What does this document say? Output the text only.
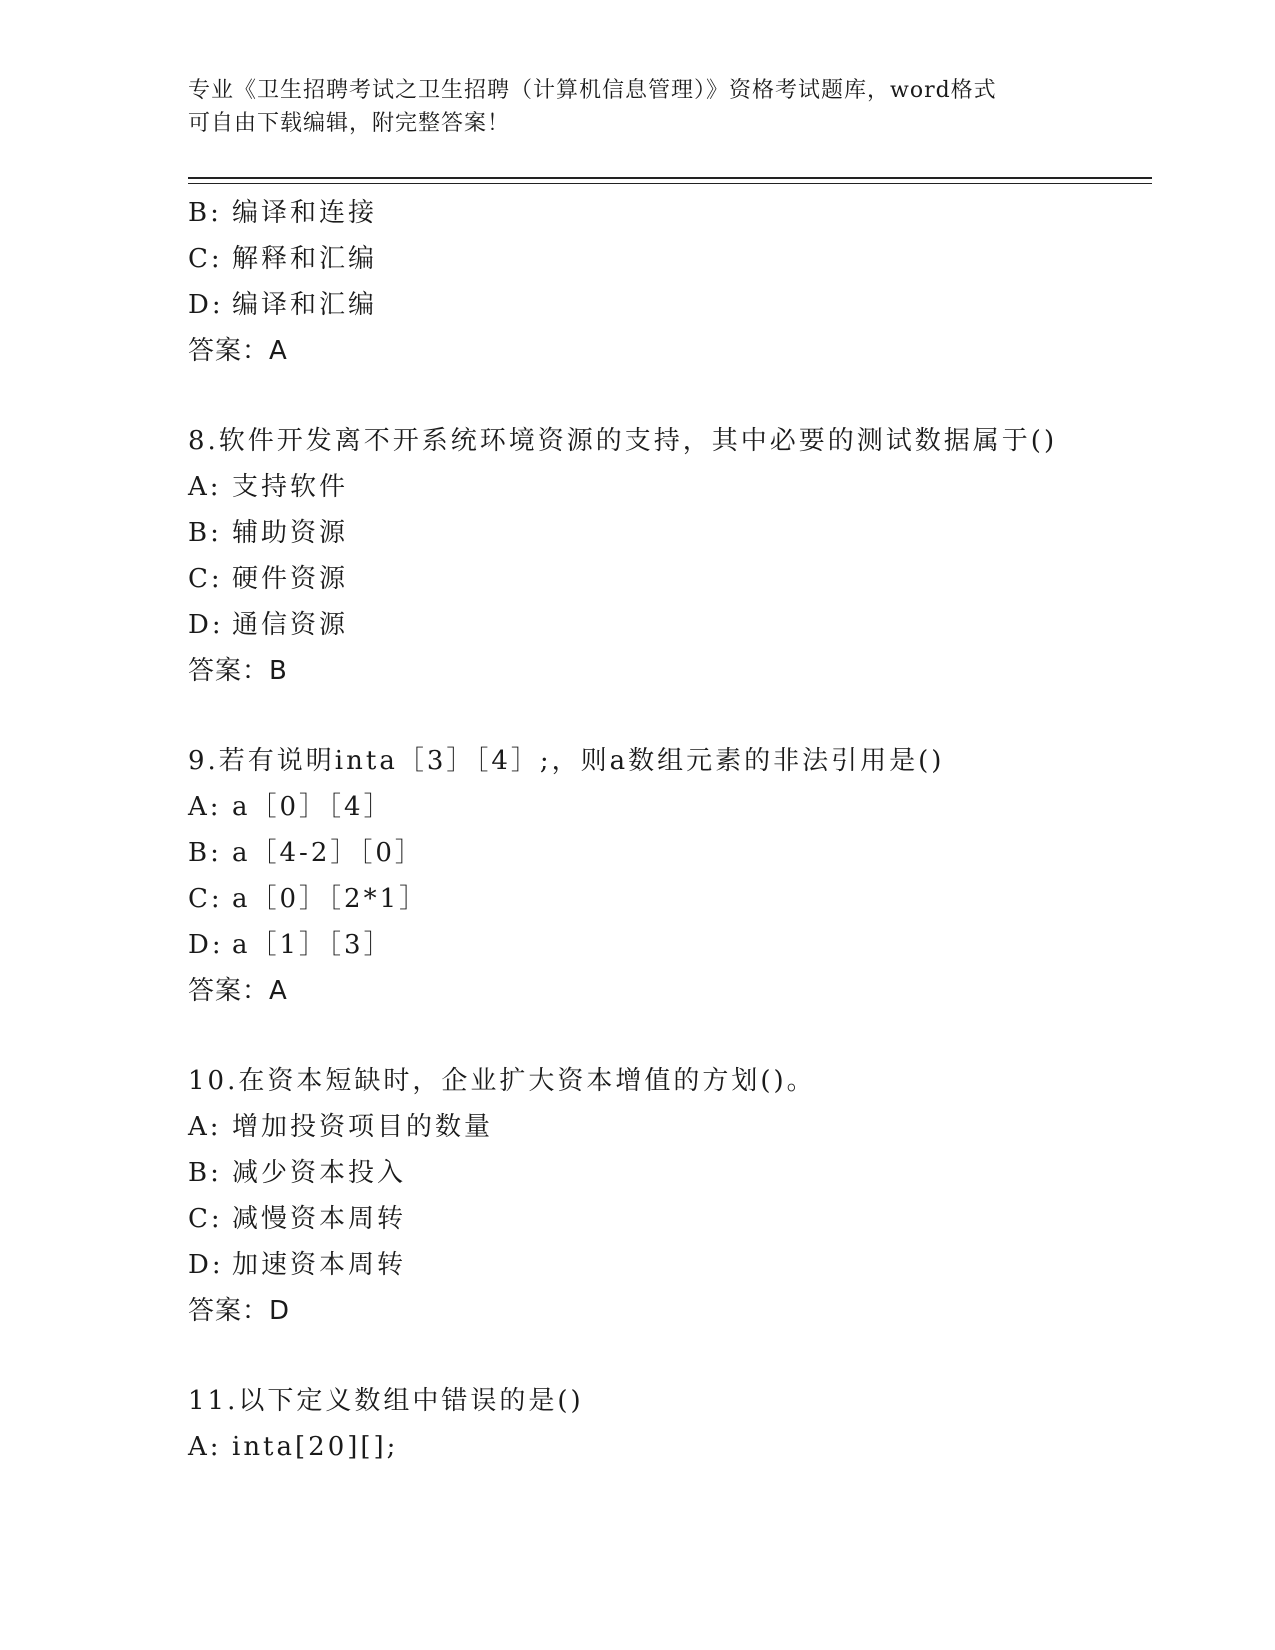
专业《卫生招聘考试之卫生招聘（计算机信息管理）》资格考试题库，word格式
可自由下载编辑，附完整答案！
B: 编译和连接
C: 解释和汇编
D: 编译和汇编
答案：A
8.软件开发离不开系统环境资源的支持，其中必要的测试数据属于()
A: 支持软件
B: 辅助资源
C: 硬件资源
D: 通信资源
答案：B
9.若有说明inta［3］［4］;，则a数组元素的非法引用是()
A: a［0］［4］
B: a［4-2］［0］
C: a［0］［2*1］
D: a［1］［3］
答案：A
10.在资本短缺时，企业扩大资本增值的方划()。
A: 增加投资项目的数量
B: 减少资本投入
C: 减慢资本周转
D: 加速资本周转
答案：D
11.以下定义数组中错误的是()
A: inta[20][];
